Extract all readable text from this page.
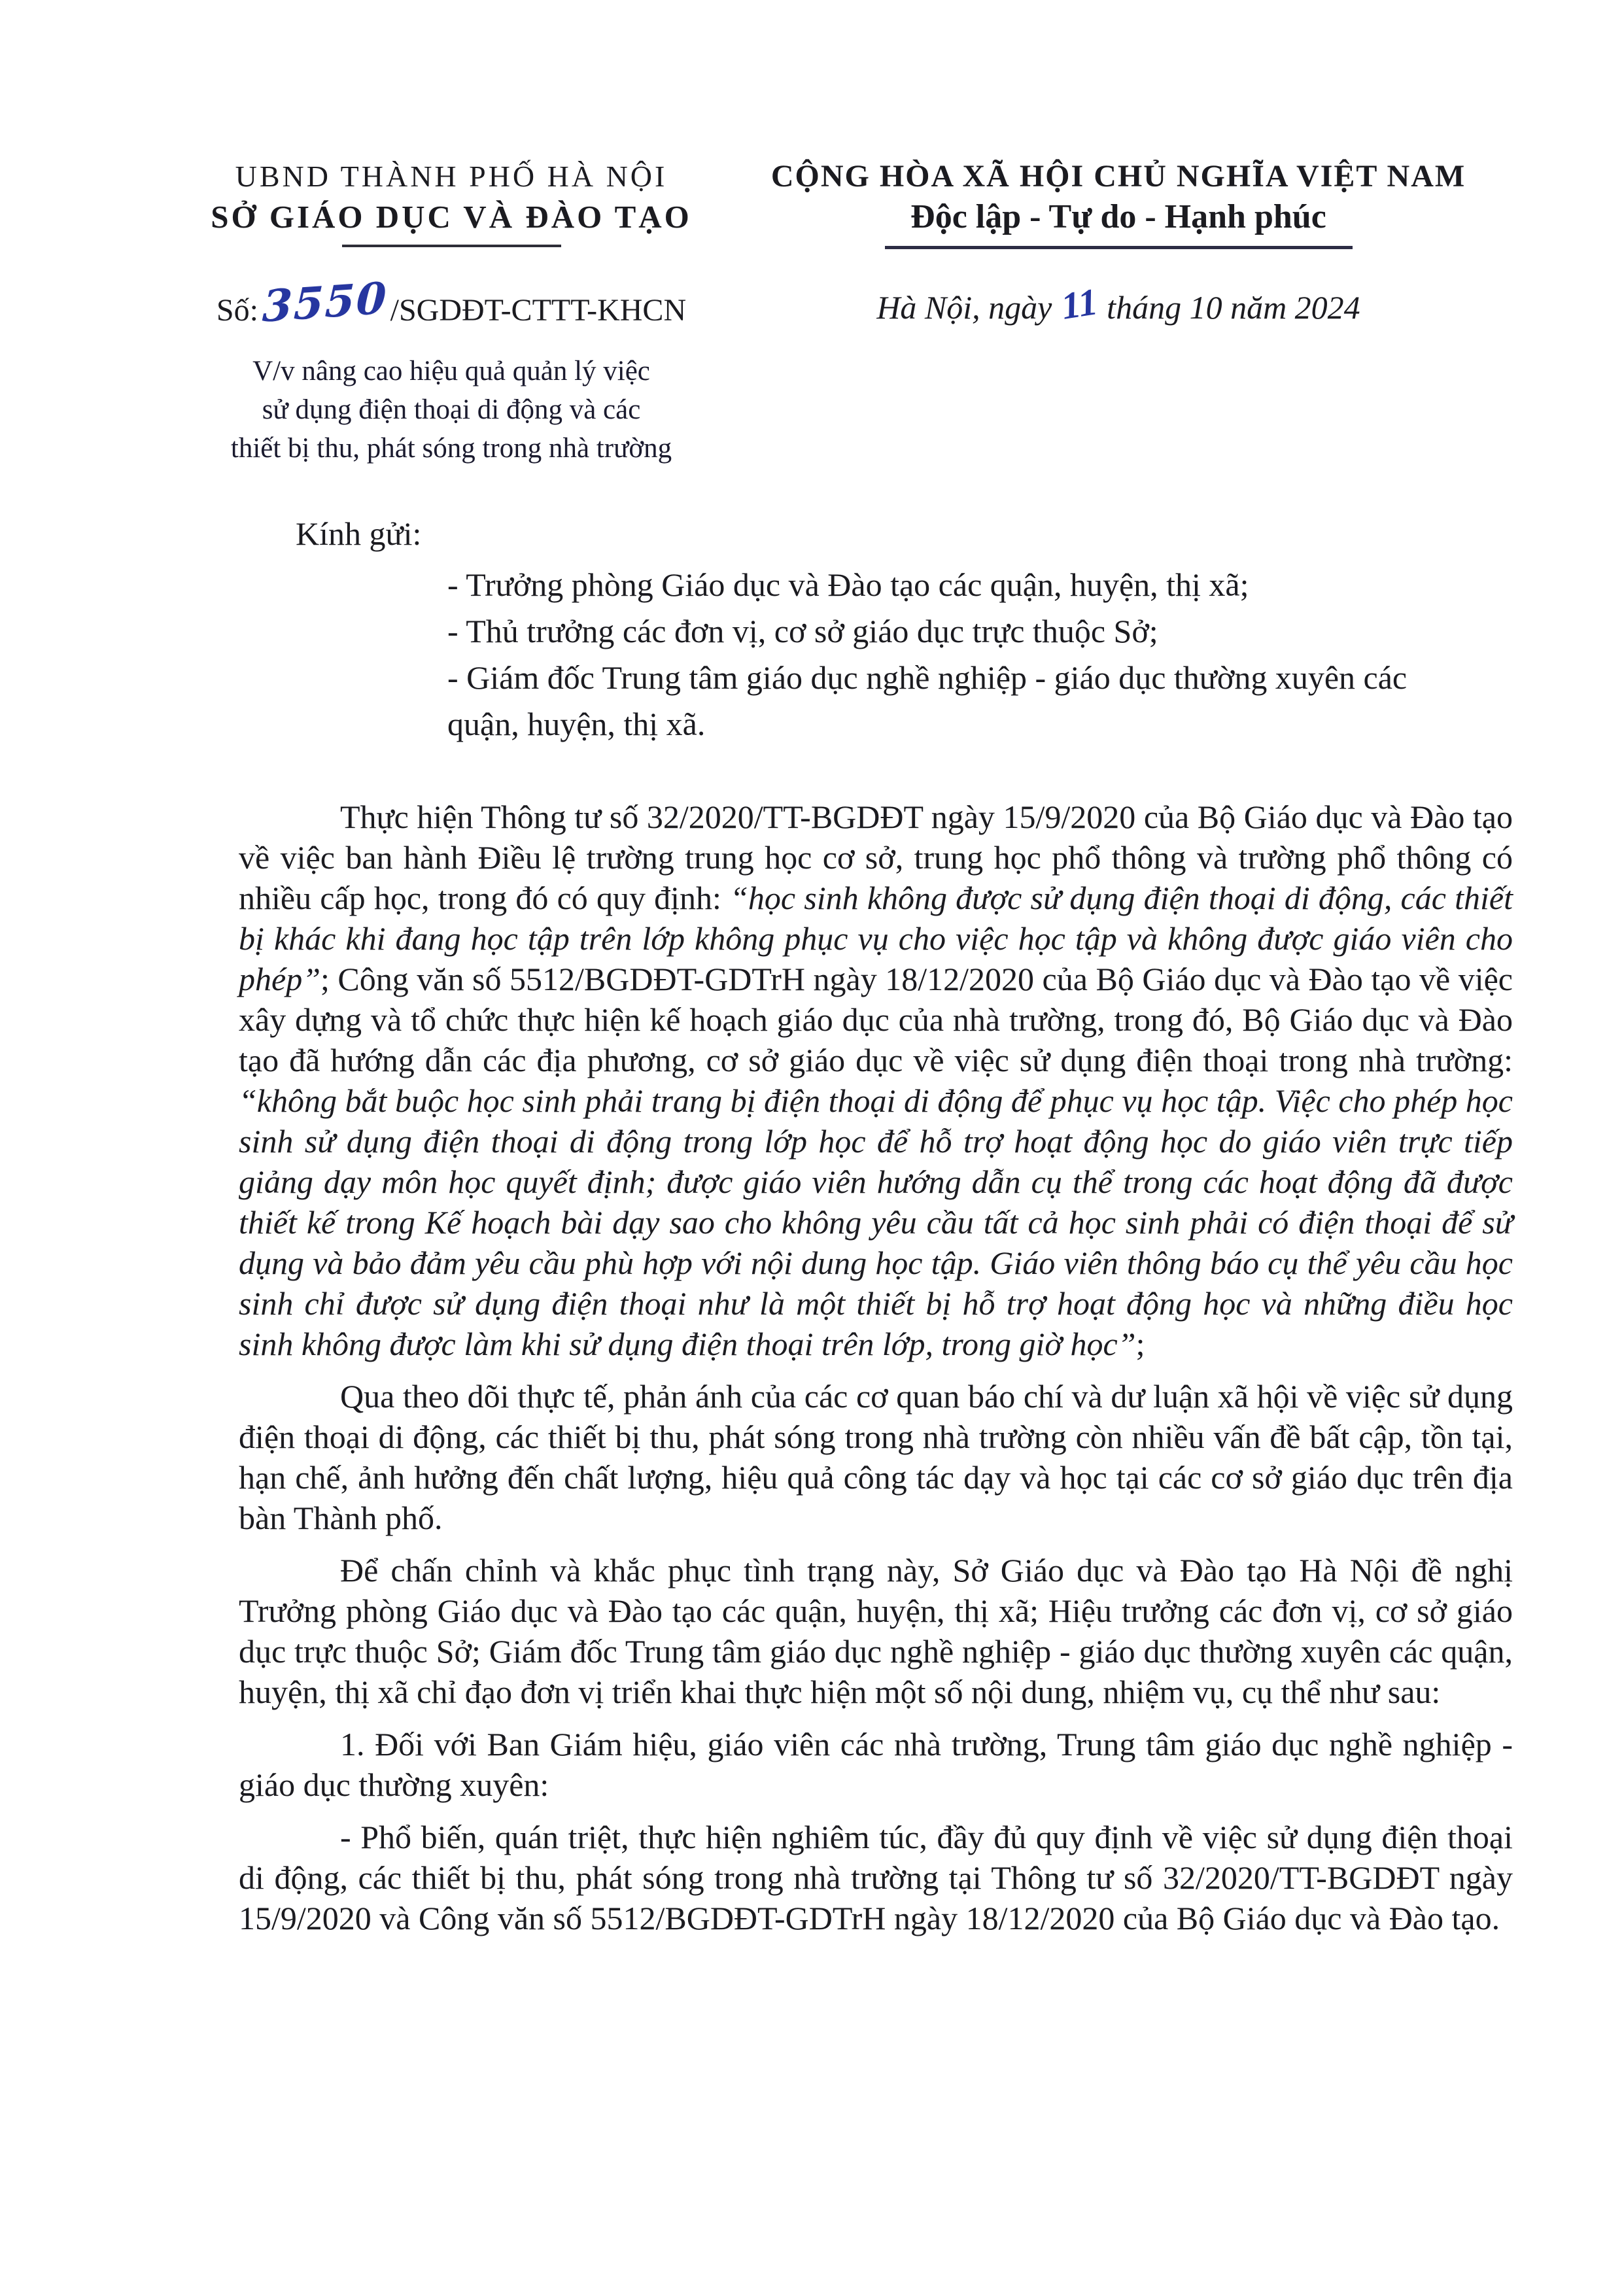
UBND THÀNH PHỐ HÀ NỘI
SỞ GIÁO DỤC VÀ ĐÀO TẠO
Số:3550/SGDĐT-CTTT-KHCN
V/v nâng cao hiệu quả quản lý việc
sử dụng điện thoại di động và các
thiết bị thu, phát sóng trong nhà trường
CỘNG HÒA XÃ HỘI CHỦ NGHĨA VIỆT NAM
Độc lập - Tự do - Hạnh phúc
Hà Nội, ngày 11 tháng 10 năm 2024
Kính gửi:

- Trưởng phòng Giáo dục và Đào tạo các quận, huyện, thị xã;

- Thủ trưởng các đơn vị, cơ sở giáo dục trực thuộc Sở;

- Giám đốc Trung tâm giáo dục nghề nghiệp - giáo dục thường xuyên các quận, huyện, thị xã.

Thực hiện Thông tư số 32/2020/TT-BGDĐT ngày 15/9/2020 của Bộ Giáo dục và Đào tạo về việc ban hành Điều lệ trường trung học cơ sở, trung học phổ thông và trường phổ thông có nhiều cấp học, trong đó có quy định: “học sinh không được sử dụng điện thoại di động, các thiết bị khác khi đang học tập trên lớp không phục vụ cho việc học tập và không được giáo viên cho phép”; Công văn số 5512/BGDĐT-GDTrH ngày 18/12/2020 của Bộ Giáo dục và Đào tạo về việc xây dựng và tổ chức thực hiện kế hoạch giáo dục của nhà trường, trong đó, Bộ Giáo dục và Đào tạo đã hướng dẫn các địa phương, cơ sở giáo dục về việc sử dụng điện thoại trong nhà trường: “không bắt buộc học sinh phải trang bị điện thoại di động để phục vụ học tập. Việc cho phép học sinh sử dụng điện thoại di động trong lớp học để hỗ trợ hoạt động học do giáo viên trực tiếp giảng dạy môn học quyết định; được giáo viên hướng dẫn cụ thể trong các hoạt động đã được thiết kế trong Kế hoạch bài dạy sao cho không yêu cầu tất cả học sinh phải có điện thoại để sử dụng và bảo đảm yêu cầu phù hợp với nội dung học tập. Giáo viên thông báo cụ thể yêu cầu học sinh chỉ được sử dụng điện thoại như là một thiết bị hỗ trợ hoạt động học và những điều học sinh không được làm khi sử dụng điện thoại trên lớp, trong giờ học”;

Qua theo dõi thực tế, phản ánh của các cơ quan báo chí và dư luận xã hội về việc sử dụng điện thoại di động, các thiết bị thu, phát sóng trong nhà trường còn nhiều vấn đề bất cập, tồn tại, hạn chế, ảnh hưởng đến chất lượng, hiệu quả công tác dạy và học tại các cơ sở giáo dục trên địa bàn Thành phố.

Để chấn chỉnh và khắc phục tình trạng này, Sở Giáo dục và Đào tạo Hà Nội đề nghị Trưởng phòng Giáo dục và Đào tạo các quận, huyện, thị xã; Hiệu trưởng các đơn vị, cơ sở giáo dục trực thuộc Sở; Giám đốc Trung tâm giáo dục nghề nghiệp - giáo dục thường xuyên các quận, huyện, thị xã chỉ đạo đơn vị triển khai thực hiện một số nội dung, nhiệm vụ, cụ thể như sau:

1. Đối với Ban Giám hiệu, giáo viên các nhà trường, Trung tâm giáo dục nghề nghiệp - giáo dục thường xuyên:

- Phổ biến, quán triệt, thực hiện nghiêm túc, đầy đủ quy định về việc sử dụng điện thoại di động, các thiết bị thu, phát sóng trong nhà trường tại Thông tư số 32/2020/TT-BGDĐT ngày 15/9/2020 và Công văn số 5512/BGDĐT-GDTrH ngày 18/12/2020 của Bộ Giáo dục và Đào tạo.
